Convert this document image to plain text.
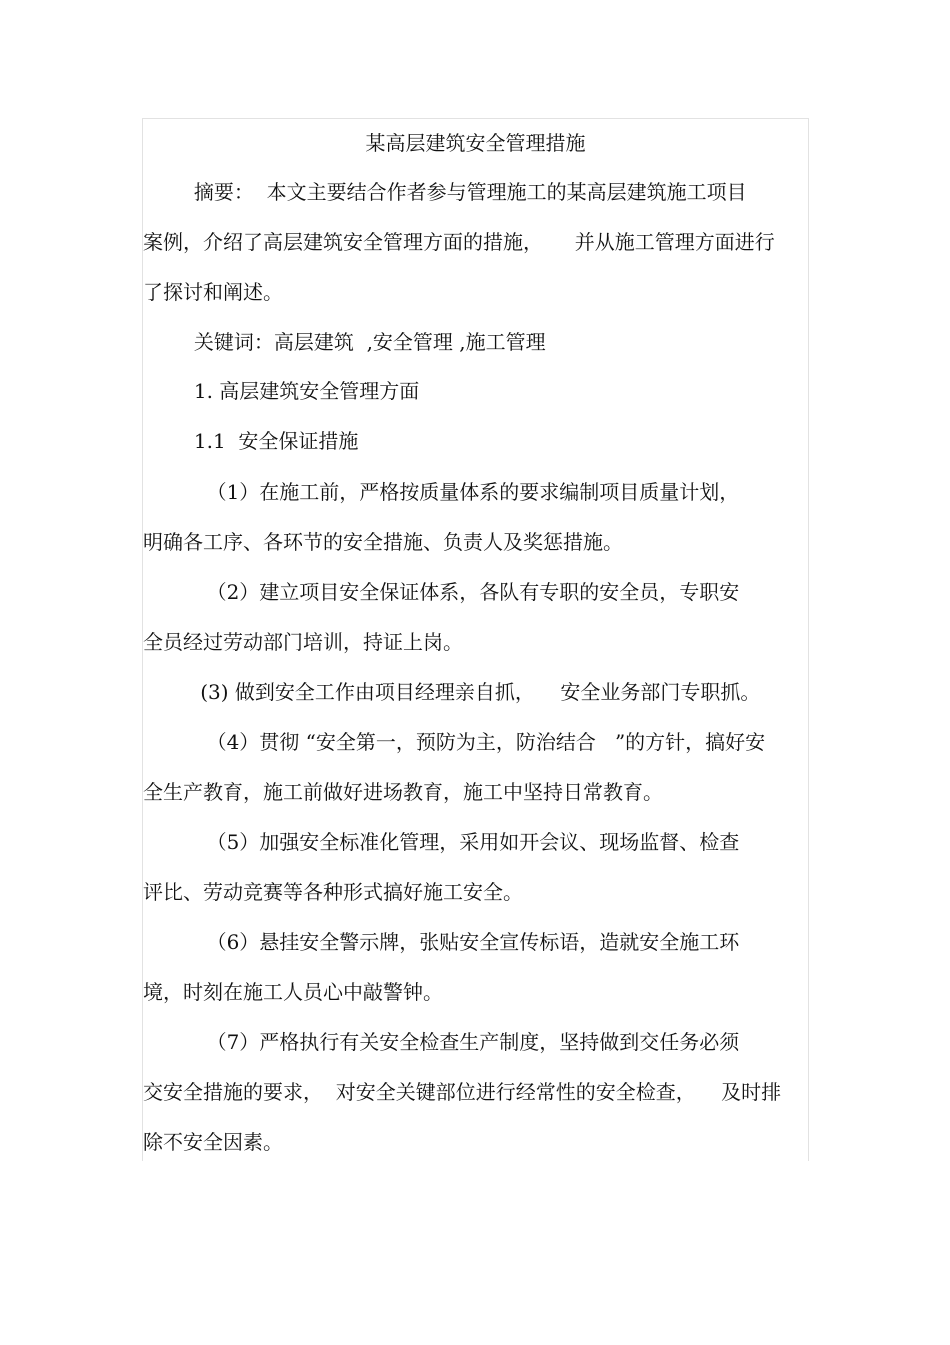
某高层建筑安全管理措施
摘要：  本文主要结合作者参与管理施工的某高层建筑施工项目
案例，介绍了高层建筑安全管理方面的措施，     并从施工管理方面进行
了探讨和阐述。
关键词：高层建筑  ,安全管理 ,施工管理
1. 高层建筑安全管理方面
1.1  安全保证措施
（1）在施工前，严格按质量体系的要求编制项目质量计划，
明确各工序、各环节的安全措施、负责人及奖惩措施。
（2）建立项目安全保证体系，各队有专职的安全员，专职安
全员经过劳动部门培训，持证上岗。
(3) 做到安全工作由项目经理亲自抓，    安全业务部门专职抓。
（4）贯彻 “安全第一，预防为主，防治结合   ”的方针，搞好安
全生产教育，施工前做好进场教育，施工中坚持日常教育。
（5）加强安全标准化管理，采用如开会议、现场监督、检查
评比、劳动竞赛等各种形式搞好施工安全。
（6）悬挂安全警示牌，张贴安全宣传标语，造就安全施工环
境，时刻在施工人员心中敲警钟。
（7）严格执行有关安全检查生产制度，坚持做到交任务必须
交安全措施的要求，  对安全关键部位进行经常性的安全检查，    及时排
除不安全因素。
